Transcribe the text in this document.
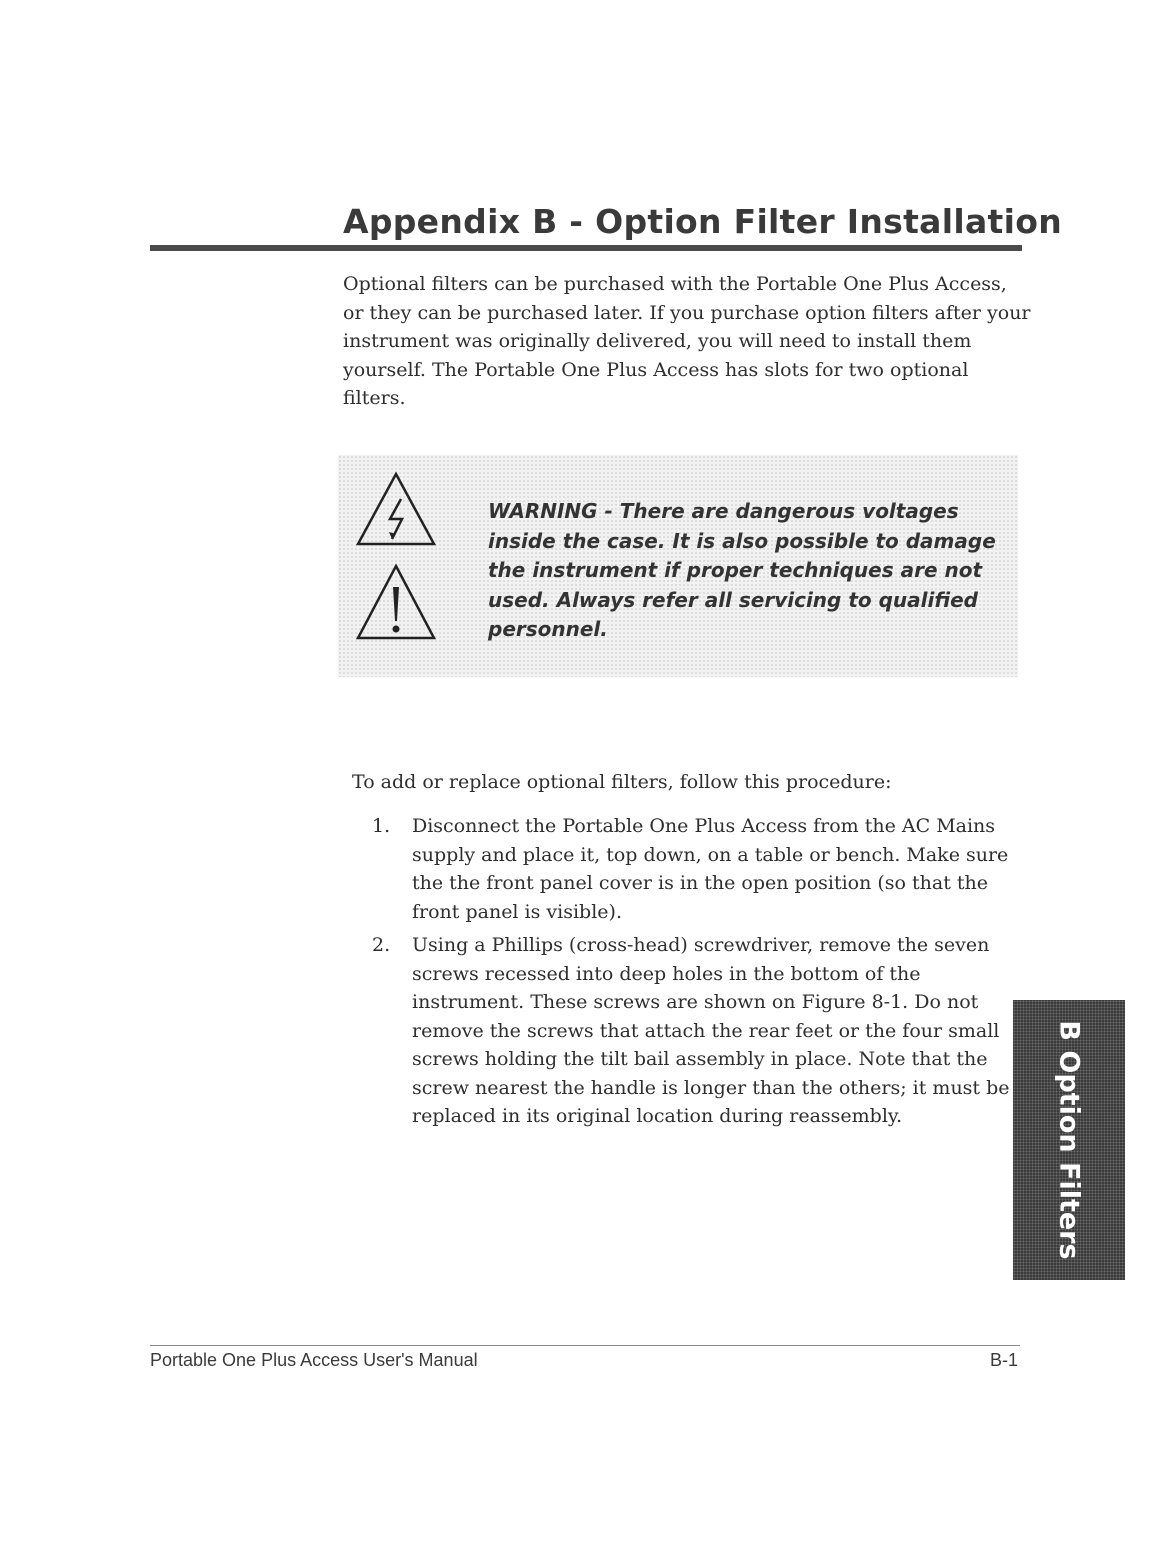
Appendix B - Option Filter Installation

Optional filters can be purchased with the Portable One Plus Access, or they can be purchased later. If you purchase option filters after your instrument was originally delivered, you will need to install them yourself. The Portable One Plus Access has slots for two optional filters.

WARNING - There are dangerous voltages inside the case. It is also possible to damage the instrument if proper techniques are not used. Always refer all servicing to qualified personnel.

To add or replace optional filters, follow this procedure:

1. Disconnect the Portable One Plus Access from the AC Mains supply and place it, top down, on a table or bench. Make sure the the front panel cover is in the open position (so that the front panel is visible).
2. Using a Phillips (cross-head) screwdriver, remove the seven screws recessed into deep holes in the bottom of the instrument. These screws are shown on Figure 8-1. Do not remove the screws that attach the rear feet or the four small screws holding the tilt bail assembly in place. Note that the screw nearest the handle is longer than the others; it must be replaced in its original location during reassembly.	B Option Filters

Portable One Plus Access User's Manual	B-1
